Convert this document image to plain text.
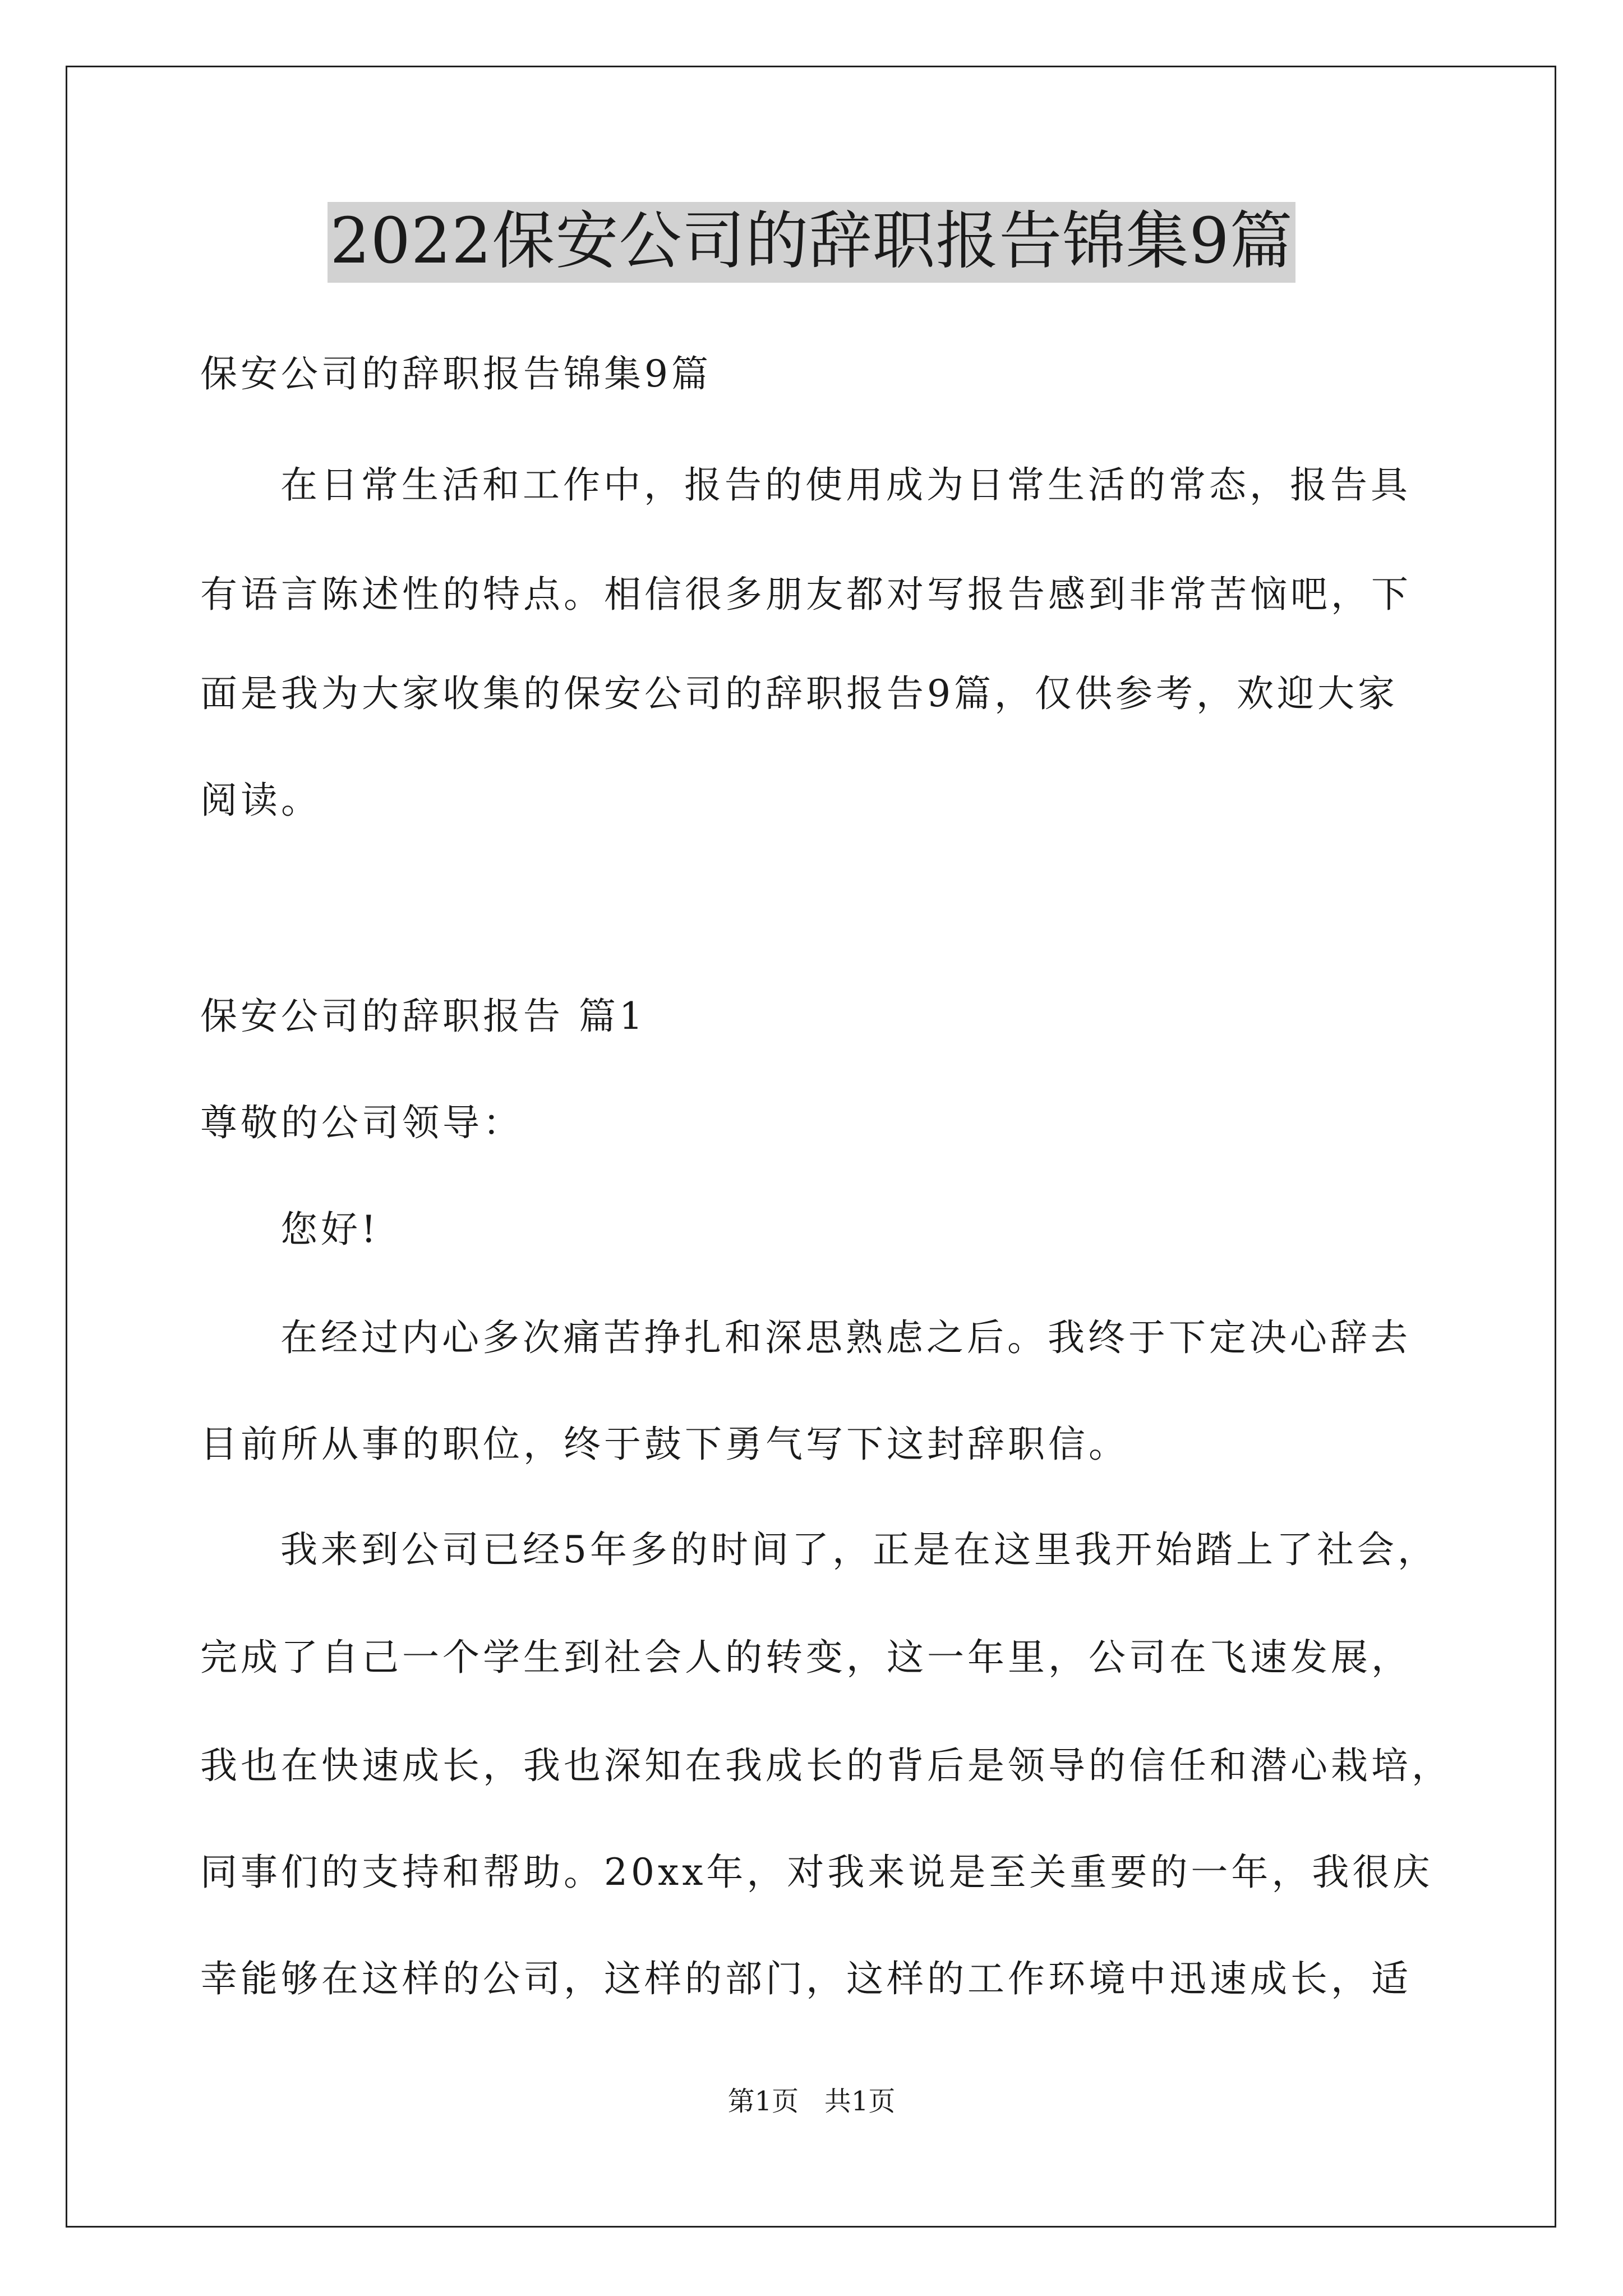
2022保安公司的辞职报告锦集9篇

保安公司的辞职报告锦集9篇

在日常生活和工作中，报告的使用成为日常生活的常态，报告具

有语言陈述性的特点。相信很多朋友都对写报告感到非常苦恼吧，下

面是我为大家收集的保安公司的辞职报告9篇，仅供参考，欢迎大家

阅读。

保安公司的辞职报告 篇1

尊敬的公司领导：

您好!

在经过内心多次痛苦挣扎和深思熟虑之后。我终于下定决心辞去

目前所从事的职位，终于鼓下勇气写下这封辞职信。

我来到公司已经5年多的时间了，正是在这里我开始踏上了社会，

完成了自己一个学生到社会人的转变，这一年里，公司在飞速发展，

我也在快速成长，我也深知在我成长的背后是领导的信任和潜心栽培，

同事们的支持和帮助。20xx年，对我来说是至关重要的一年，我很庆

幸能够在这样的公司，这样的部门，这样的工作环境中迅速成长，适

第1页   共1页
